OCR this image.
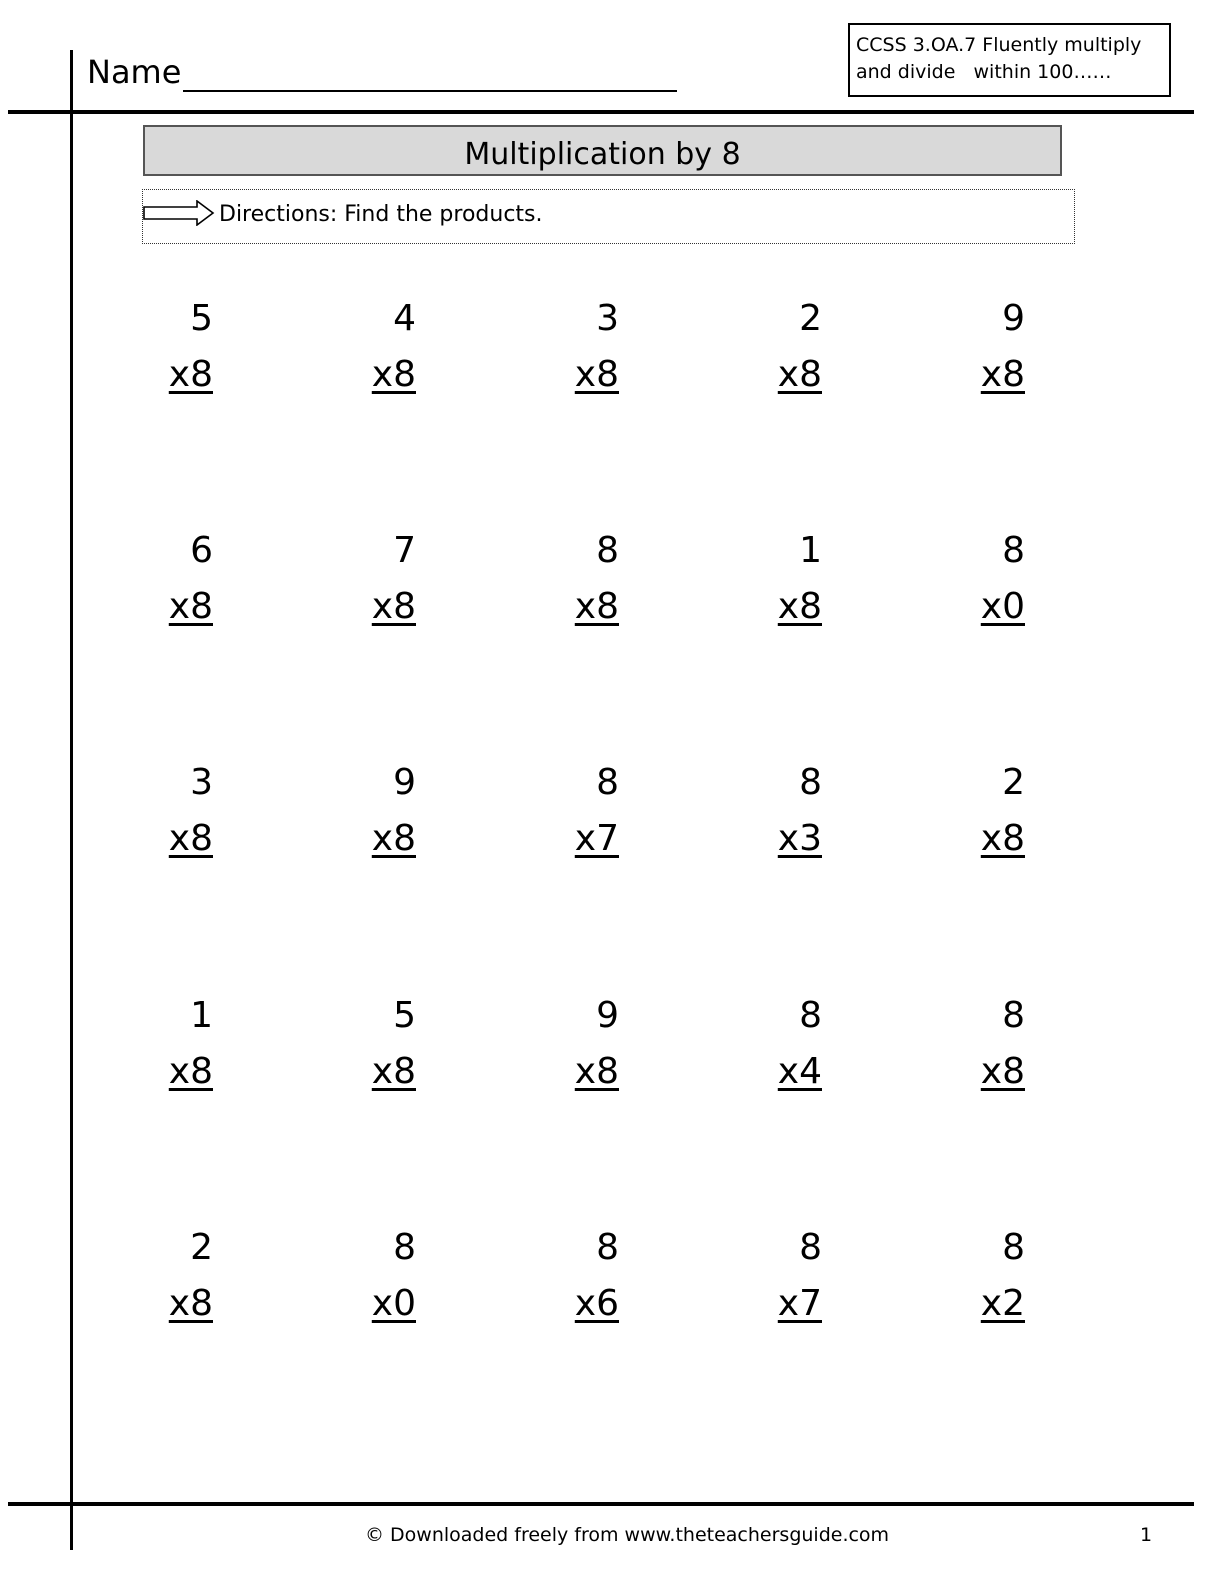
Name
CCSS 3.OA.7 Fluently multiply
and divide   within 100……
Multiplication by 8
Directions: Find the products.
5
x8
4
x8
3
x8
2
x8
9
x8
6
x8
7
x8
8
x8
1
x8
8
x0
3
x8
9
x8
8
x7
8
x3
2
x8
1
x8
5
x8
9
x8
8
x4
8
x8
2
x8
8
x0
8
x6
8
x7
8
x2
© Downloaded freely from www.theteachersguide.com	1
